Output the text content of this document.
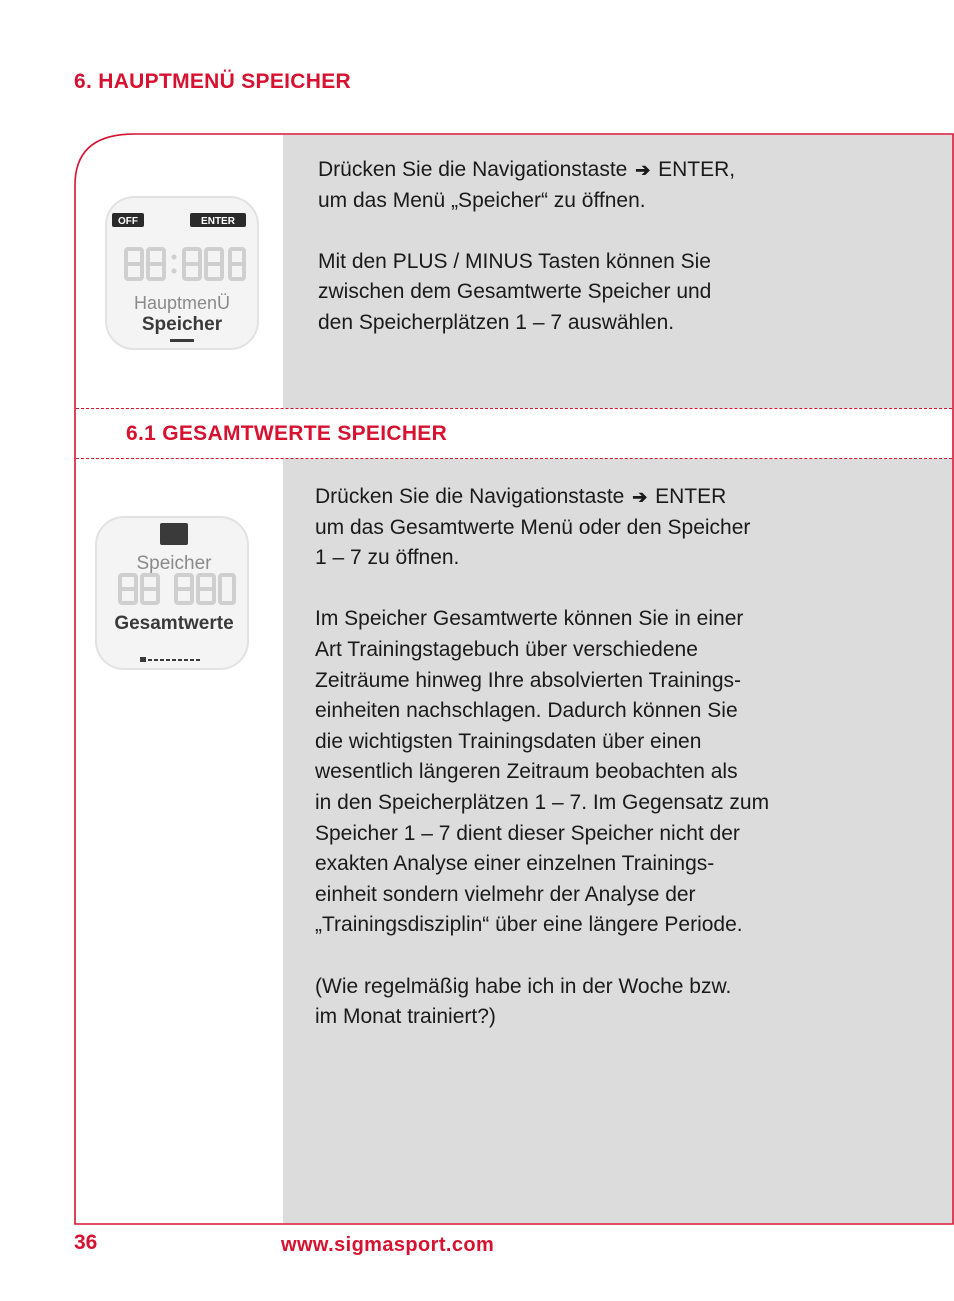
6. HAUPTMENÜ SPEICHER
OFF	ENTER
HauptmenÜ
Speicher

Drücken Sie die Navigationstaste ➔ ENTER,
um das Menü „Speicher“ zu öffnen.

Mit den PLUS / MINUS Tasten können Sie
zwischen dem Gesamtwerte Speicher und
den Speicherplätzen 1 – 7 auswählen.

6.1 GESAMTWERTE SPEICHER
Speicher
Gesamtwerte

Drücken Sie die Navigationstaste ➔ ENTER
um das Gesamtwerte Menü oder den Speicher
1 – 7 zu öffnen.

Im Speicher Gesamtwerte können Sie in einer
Art Trainingstagebuch über verschiedene
Zeiträume hinweg Ihre absolvierten Trainings-
einheiten nachschlagen. Dadurch können Sie
die wichtigsten Trainingsdaten über einen
wesentlich längeren Zeitraum beobachten als
in den Speicherplätzen 1 – 7. Im Gegensatz zum
Speicher 1 – 7 dient dieser Speicher nicht der
exakten Analyse einer einzelnen Trainings-
einheit sondern vielmehr der Analyse der
„Trainingsdisziplin“ über eine längere Periode.

(Wie regelmäßig habe ich in der Woche bzw.
im Monat trainiert?)

36	www.sigmasport.com
